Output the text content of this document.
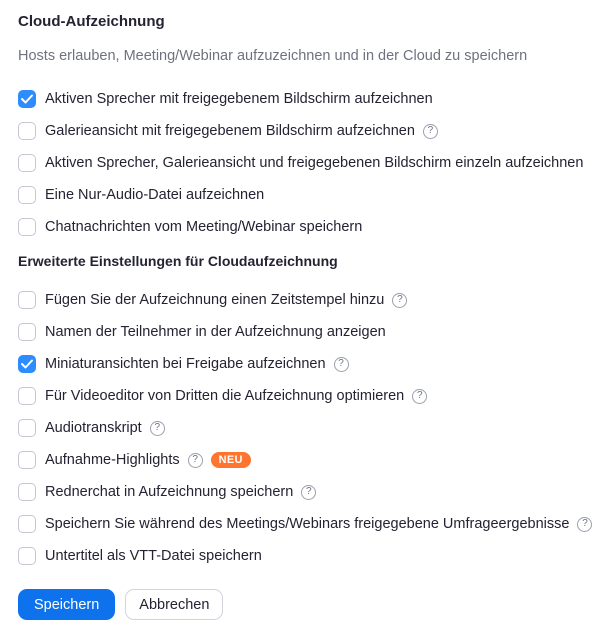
Cloud-Aufzeichnung
Hosts erlauben, Meeting/Webinar aufzuzeichnen und in der Cloud zu speichern
Aktiven Sprecher mit freigegebenem Bildschirm aufzeichnen
Galerieansicht mit freigegebenem Bildschirm aufzeichnen	?
Aktiven Sprecher, Galerieansicht und freigegebenen Bildschirm einzeln aufzeichnen
Eine Nur-Audio-Datei aufzeichnen
Chatnachrichten vom Meeting/Webinar speichern
Erweiterte Einstellungen für Cloudaufzeichnung
Fügen Sie der Aufzeichnung einen Zeitstempel hinzu	?
Namen der Teilnehmer in der Aufzeichnung anzeigen
Miniaturansichten bei Freigabe aufzeichnen	?
Für Videoeditor von Dritten die Aufzeichnung optimieren	?
Audiotranskript	?
Aufnahme-Highlights	?	NEU
Rednerchat in Aufzeichnung speichern	?
Speichern Sie während des Meetings/Webinars freigegebene Umfrageergebnisse	?
Untertitel als VTT-Datei speichern
Speichern	Abbrechen
